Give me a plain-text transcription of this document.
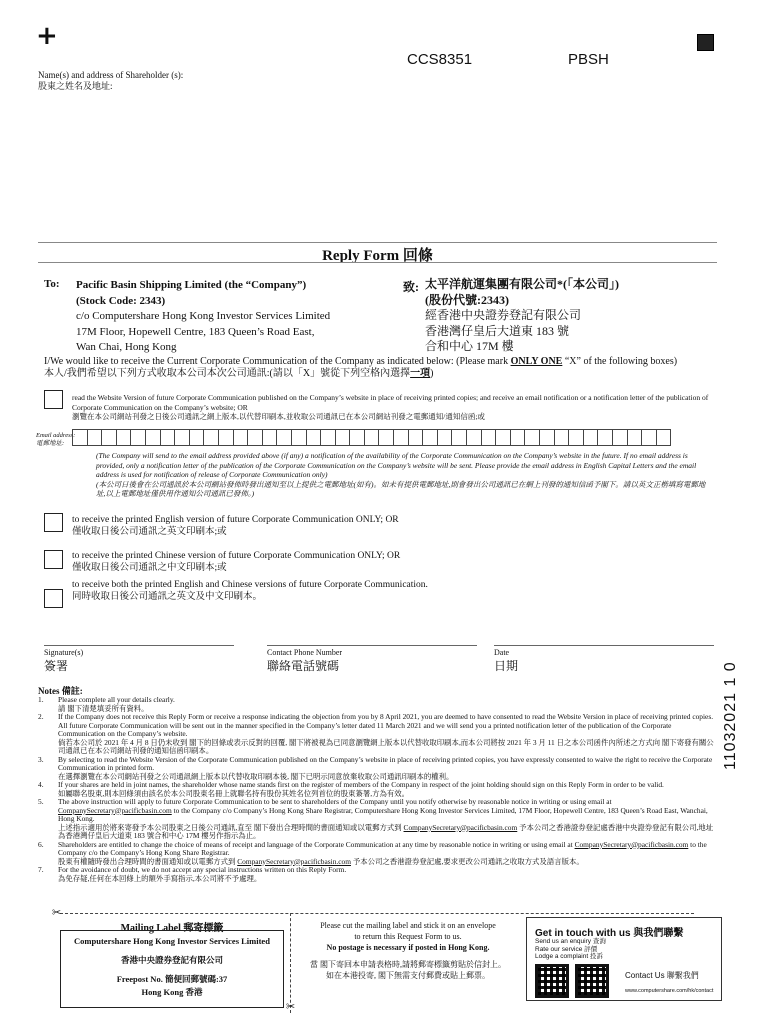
+
CCS8351	PBSH
Name(s) and address of Shareholder (s):
股東之姓名及地址:
Reply Form 回條
To: Pacific Basin Shipping Limited (the “Company”)
(Stock Code: 2343)
c/o Computershare Hong Kong Investor Services Limited
17M Floor, Hopewell Centre, 183 Queen’s Road East,
Wan Chai, Hong Kong
致: 太平洋航運集團有限公司*(「本公司」)
(股份代號:2343)
經香港中央證券登記有限公司
香港灣仔皇后大道東 183 號
合和中心 17M 樓
I/We would like to receive the Current Corporate Communication of the Company as indicated below: (Please mark ONLY ONE “X” of the following boxes)
本人/我們希望以下列方式收取本公司本次公司通訊:(請以「X」號從下列空格內選擇一項)
read the Website Version of future Corporate Communication published on the Company’s website in place of receiving printed copies; and receive an email notification or a notification letter of the publication of Corporate Communication on the Company’s website; OR
瀏覽在本公司網站刊發之日後公司通訊之網上版本,以代替印刷本,並收取公司通訊已在本公司網站刊發之電郵通知/通知信函;或
Email address:
電郵地址:
(The Company will send to the email address provided above (if any) a notification of the availability of the Corporate Communication on the Company’s website in the future. If no email address is provided, only a notification letter of the publication of the Corporate Communication on the Company’s website will be sent. Please provide the email address in English Capital Letters and the email address is used for notification of release of Corporate Communication only)
(本公司日後會在公司通訊於本公司網站發佈時發出通知至以上提供之電郵地址(如有)。如未有提供電郵地址,則會發出公司通訊已在網上刊發的通知信函予閣下。請以英文正楷填寫電郵地址,以上電郵地址僅供用作通知公司通訊已發佈。)
to receive the printed English version of future Corporate Communication ONLY; OR
僅收取日後公司通訊之英文印刷本;或
to receive the printed Chinese version of future Corporate Communication ONLY; OR
僅收取日後公司通訊之中文印刷本;或
to receive both the printed English and Chinese versions of future Corporate Communication.
同時收取日後公司通訊之英文及中文印刷本。
Signature(s)
簽署
Contact Phone Number
聯絡電話號碼
Date
日期
Notes 備註:
1.	Please complete all your details clearly.
請 閣下清楚填妥所有資料。
2.	If the Company does not receive this Reply Form or receive a response indicating the objection from you by 8 April 2021, you are deemed to have consented to read the Website Version in place of receiving printed copies. All future Corporate Communication will be sent out in the manner specified in the Company’s letter dated 11 March 2021 and we will send you a printed notification letter of the publication of the Corporate Communication on the Company’s website.
倘若本公司於 2021 年 4 月 8 日仍未收到 閣下的回條或表示反對的回覆, 閣下將被視為已同意瀏覽網上版本以代替收取印刷本,而本公司將按 2021 年 3 月 11 日之本公司函件內所述之方式向 閣下寄發有關公司通訊已在本公司網站刊發的通知信函印刷本。
3.	By selecting to read the Website Version of the Corporate Communication published on the Company’s website in place of receiving printed copies, you have expressly consented to waive the right to receive the Corporate Communication in printed form.
在選擇瀏覽在本公司網站刊發之公司通訊網上版本以代替收取印刷本後, 閣下已明示同意放棄收取公司通訊印刷本的權利。
4.	If your shares are held in joint names, the shareholder whose name stands first on the register of members of the Company in respect of the joint holding should sign on this Reply Form in order to be valid.
如屬聯名股東,則本回條須由該名於本公司股東名冊上就聯名持有股份其姓名位列首位的股東簽署,方為有效。
5.	The above instruction will apply to future Corporate Communication to be sent to shareholders of the Company until you notify otherwise by reasonable notice in writing or using email at CompanySecretary@pacificbasin.com to the Company c/o Company’s Hong Kong Share Registrar, Computershare Hong Kong Investor Services Limited, 17M Floor, Hopewell Centre, 183 Queen’s Road East, Wanchai, Hong Kong.
上述指示適用於將來寄發予本公司股東之日後公司通訊,直至 閣下發出合理時間的書面通知或以電郵方式到 CompanySecretary@pacificbasin.com 予本公司之香港證券登記處香港中央證券登記有限公司,地址為香港灣仔皇后大道東 183 號合和中心 17M 樓另作指示為止。
6.	Shareholders are entitled to change the choice of means of receipt and language of the Corporate Communication at any time by reasonable notice in writing or using email at CompanySecretary@pacificbasin.com to the Company c/o the Company’s Hong Kong Share Registrar.
股東有權隨時發出合理時間的書面通知或以電郵方式到 CompanySecretary@pacificbasin.com 予本公司之香港證券登記處,要求更改公司通訊之收取方式及語言版本。
7.	For the avoidance of doubt, we do not accept any special instructions written on this Reply Form.
為免存疑,任何在本回條上的額外手寫指示,本公司將不予處理。
✂
✂
Mailing Label 郵寄標籤
Computershare Hong Kong Investor Services Limited
香港中央證券登記有限公司
Freepost No. 簡便回郵號碼:37
Hong Kong 香港
Please cut the mailing label and stick it on an envelope
to return this Request Form to us.
No postage is necessary if posted in Hong Kong.
當 閣下寄回本申請表格時,請將郵寄標籤剪貼於信封上。
如在本港投寄, 閣下無需支付郵費或貼上郵票。
Get in touch with us 與我們聯繫
Send us an enquiry 查詢
Rate our service 評價
Lodge a complaint 投訴
Contact Us 聯繫我們
www.computershare.com/hk/contact
11032021 1 0
